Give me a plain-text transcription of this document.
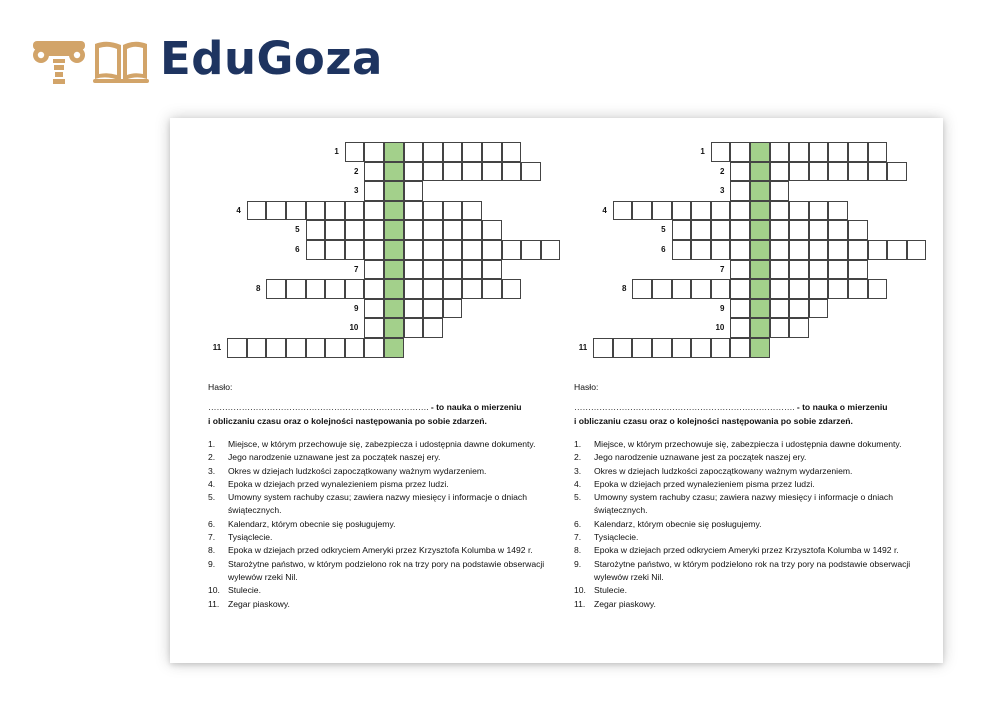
EduGoza
1
2
3
4
5
6
7
8
9
10
11
Hasło:
……………………………………………………………………. - to nauka o mierzeniu
i obliczaniu czasu oraz o kolejności następowania po sobie zdarzeń.
1.	Miejsce, w którym przechowuje się, zabezpiecza i udostępnia dawne dokumenty.
2.	Jego narodzenie uznawane jest za początek naszej ery.
3.	Okres w dziejach ludzkości zapoczątkowany ważnym wydarzeniem.
4.	Epoka w dziejach przed wynalezieniem pisma przez ludzi.
5.	Umowny system rachuby czasu; zawiera nazwy miesięcy i informacje o dniach świątecznych.
6.	Kalendarz, którym obecnie się posługujemy.
7.	Tysiąclecie.
8.	Epoka w dziejach przed odkryciem Ameryki przez Krzysztofa Kolumba w 1492 r.
9.	Starożytne państwo, w którym podzielono rok na trzy pory na podstawie obserwacji wylewów rzeki Nil.
10. Stulecie.
11.	Zegar piaskowy.
1
2
3
4
5
6
7
8
9
10
11
Hasło:
……………………………………………………………………. - to nauka o mierzeniu
i obliczaniu czasu oraz o kolejności następowania po sobie zdarzeń.
1.	Miejsce, w którym przechowuje się, zabezpiecza i udostępnia dawne dokumenty.
2.	Jego narodzenie uznawane jest za początek naszej ery.
3.	Okres w dziejach ludzkości zapoczątkowany ważnym wydarzeniem.
4.	Epoka w dziejach przed wynalezieniem pisma przez ludzi.
5.	Umowny system rachuby czasu; zawiera nazwy miesięcy i informacje o dniach świątecznych.
6.	Kalendarz, którym obecnie się posługujemy.
7.	Tysiąclecie.
8.	Epoka w dziejach przed odkryciem Ameryki przez Krzysztofa Kolumba w 1492 r.
9.	Starożytne państwo, w którym podzielono rok na trzy pory na podstawie obserwacji wylewów rzeki Nil.
10. Stulecie.
11.	Zegar piaskowy.
